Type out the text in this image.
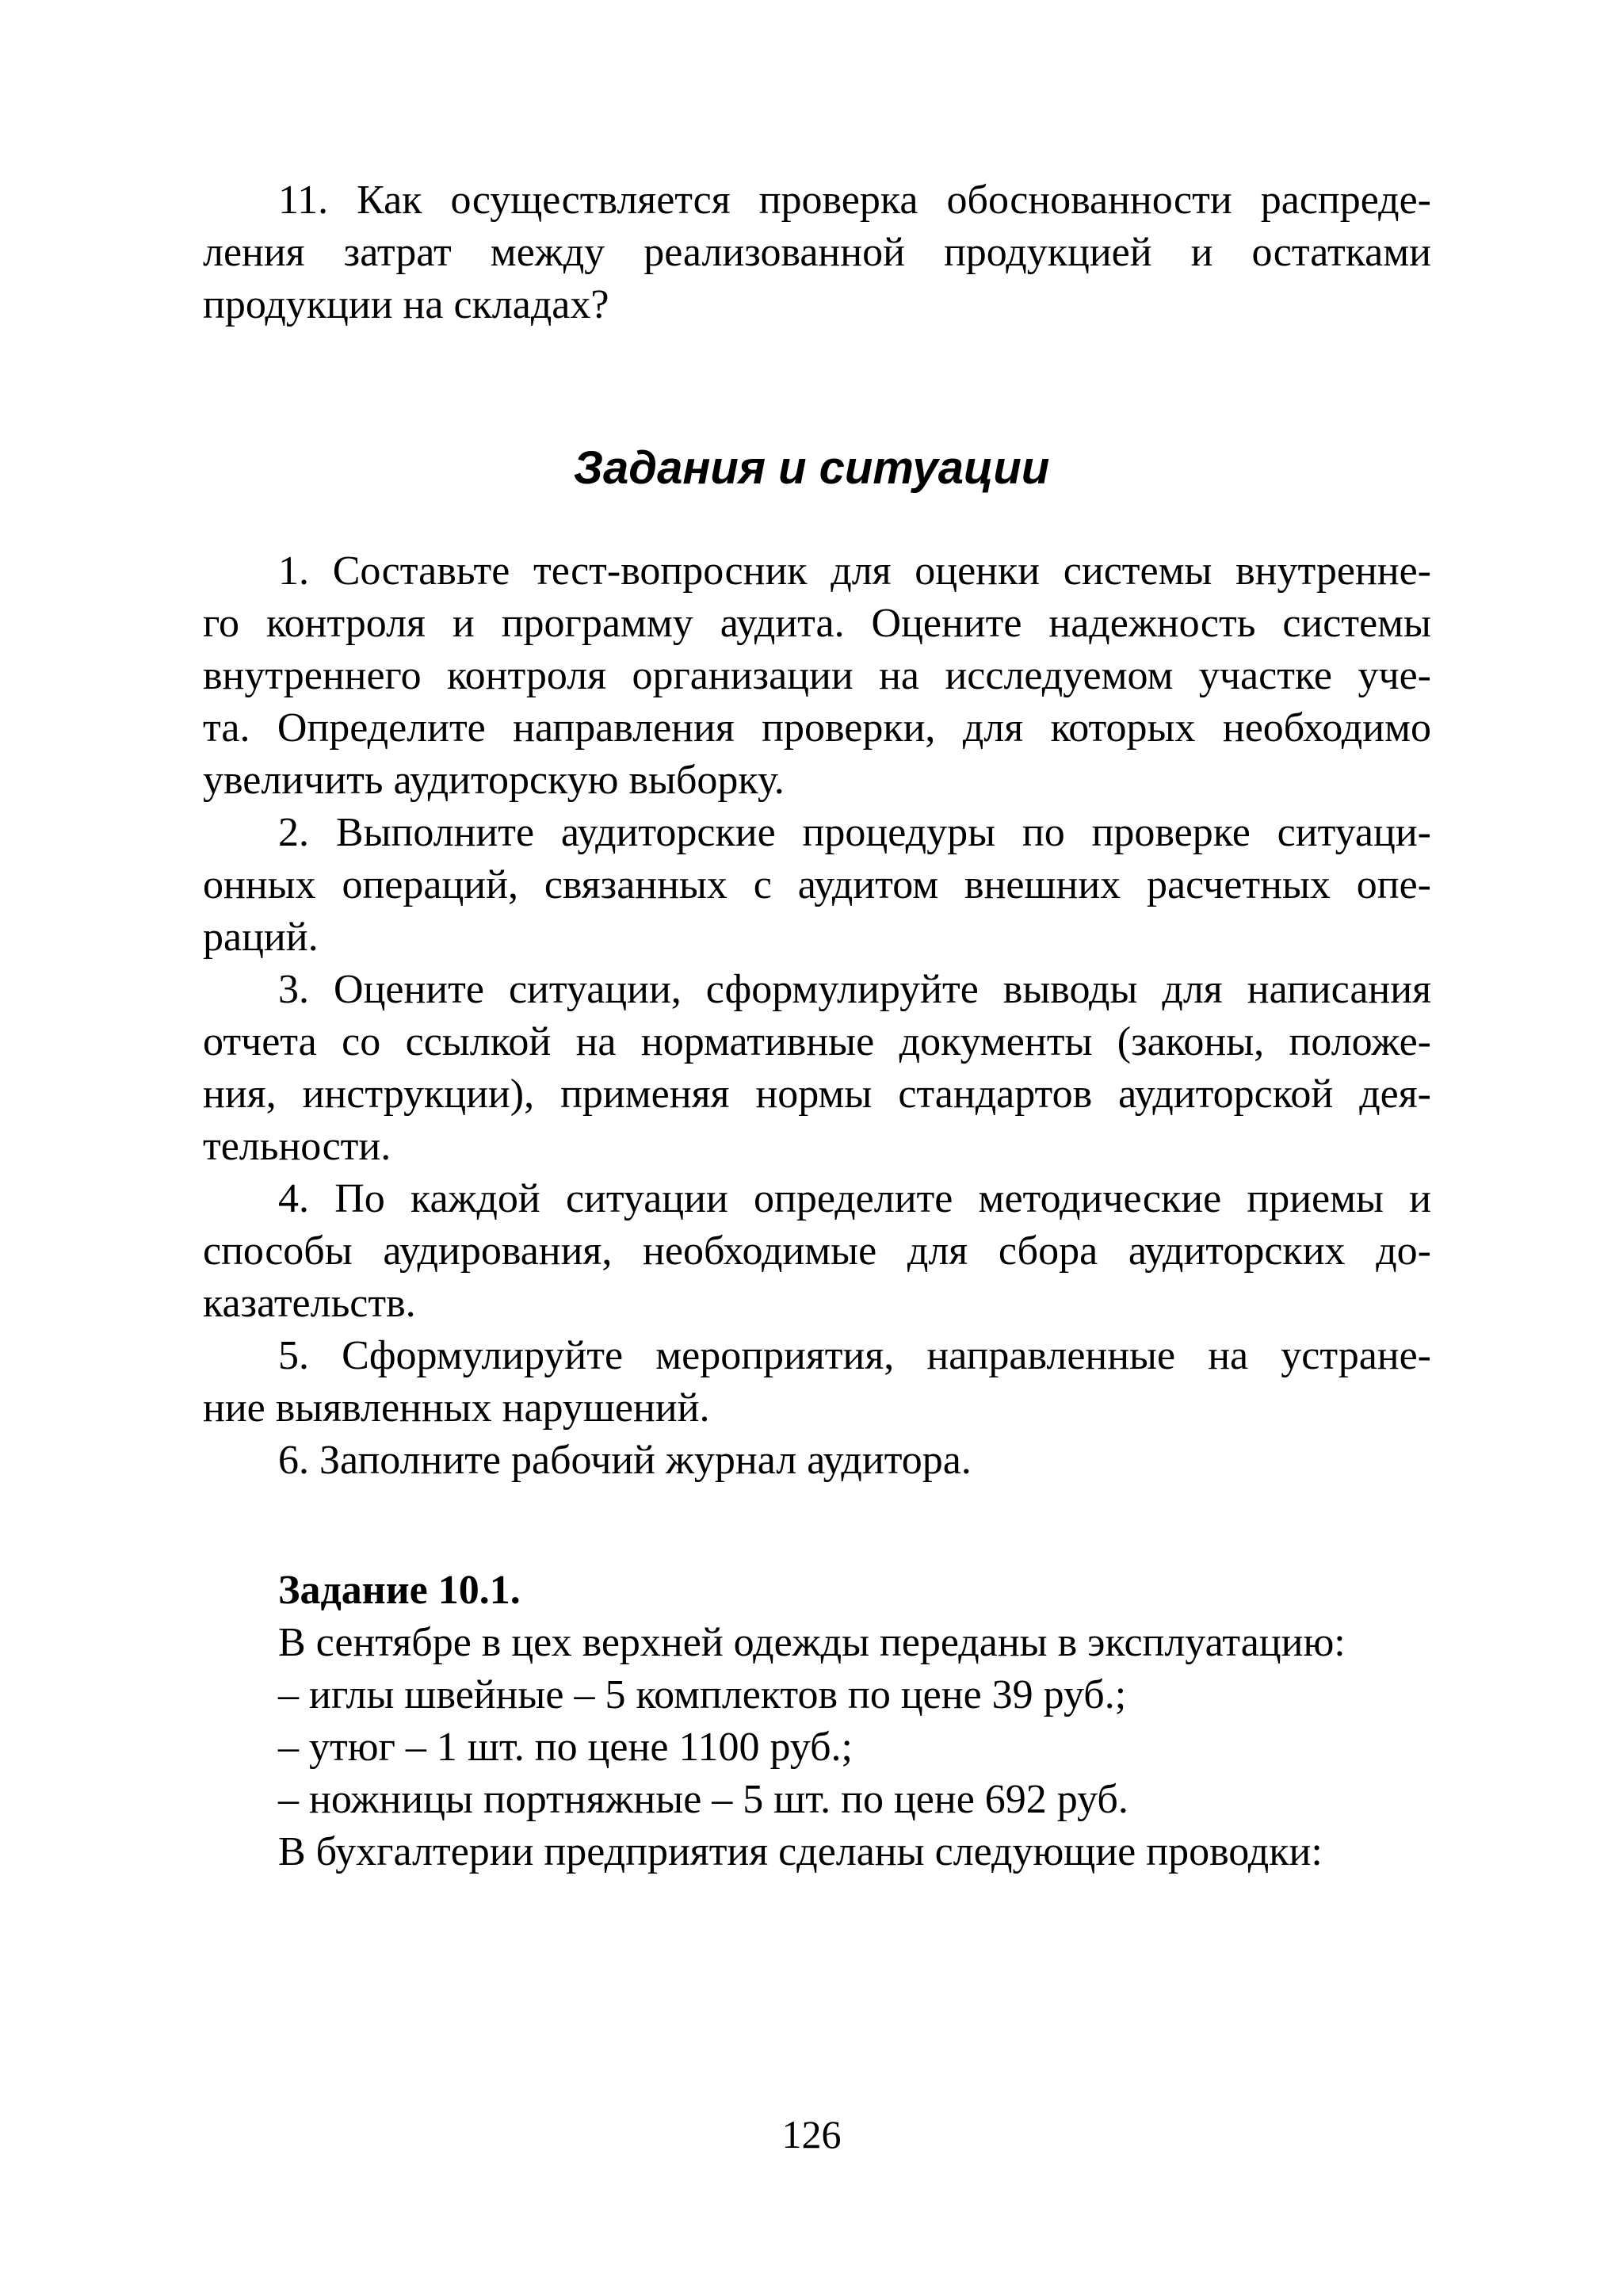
11. Как осуществляется проверка обоснованности распреде-
ления затрат между реализованной продукцией и остатками
продукции на складах?
Задания и ситуации
1. Составьте тест-вопросник для оценки системы внутренне-
го контроля и программу аудита. Оцените надежность системы
внутреннего контроля организации на исследуемом участке уче-
та. Определите направления проверки, для которых необходимо
увеличить аудиторскую выборку.
2. Выполните аудиторские процедуры по проверке ситуаци-
онных операций, связанных с аудитом внешних расчетных опе-
раций.
3. Оцените ситуации, сформулируйте выводы для написания
отчета со ссылкой на нормативные документы (законы, положе-
ния, инструкции), применяя нормы стандартов аудиторской дея-
тельности.
4. По каждой ситуации определите методические приемы и
способы аудирования, необходимые для сбора аудиторских до-
казательств.
5. Сформулируйте мероприятия, направленные на устране-
ние выявленных нарушений.
6. Заполните рабочий журнал аудитора.
Задание 10.1.
В сентябре в цех верхней одежды переданы в эксплуатацию:
– иглы швейные – 5 комплектов по цене 39 руб.;
– утюг – 1 шт. по цене 1100 руб.;
– ножницы портняжные – 5 шт. по цене 692 руб.
В бухгалтерии предприятия сделаны следующие проводки:
126
